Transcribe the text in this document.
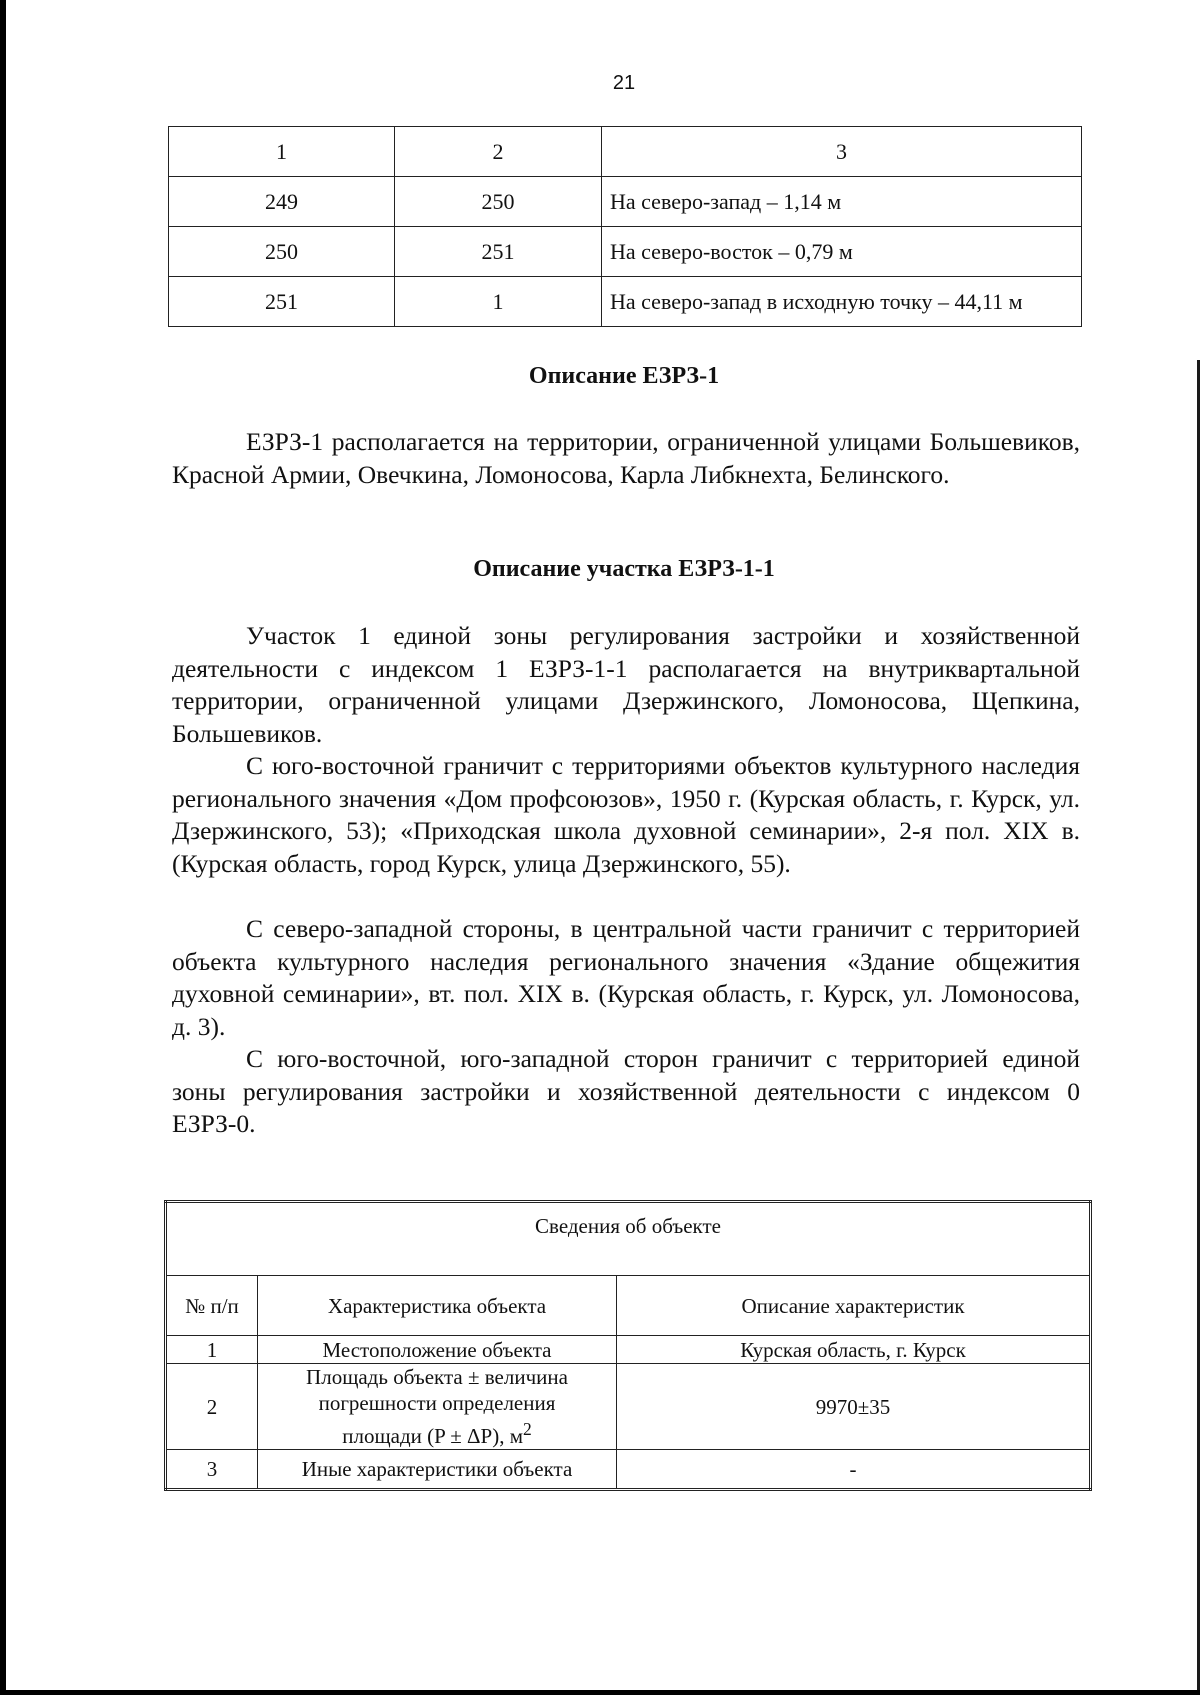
21
1	2	3
249	250	На северо-запад – 1,14 м
250	251	На северо-восток – 0,79 м
251	1	На северо-запад в исходную точку – 44,11 м
Описание ЕЗРЗ-1
ЕЗРЗ-1 располагается на территории, ограниченной улицами Большевиков, Красной Армии, Овечкина, Ломоносова, Карла Либкнехта, Белинского.
Описание участка ЕЗРЗ-1-1
Участок 1 единой зоны регулирования застройки и хозяйственной деятельности с индексом 1 ЕЗРЗ-1-1 располагается на внутриквартальной территории, ограниченной улицами Дзержинского, Ломоносова, Щепкина, Большевиков.
С юго-восточной граничит с территориями объектов культурного наследия регионального значения «Дом профсоюзов», 1950 г. (Курская область, г. Курск, ул. Дзержинского, 53); «Приходская школа духовной семинарии», 2-я пол. XIX в. (Курская область, город Курск, улица Дзержинского, 55).
С северо-западной стороны, в центральной части граничит с территорией объекта культурного наследия регионального значения «Здание общежития духовной семинарии», вт. пол. XIX в. (Курская область, г. Курск, ул. Ломоносова, д. 3).
С юго-восточной, юго-западной сторон граничит с территорией единой зоны регулирования застройки и хозяйственной деятельности с индексом 0 ЕЗРЗ-0.
Сведения об объекте		
№ п/п	Характеристика объекта	Описание характеристик
1	Местоположение объекта	Курская область, г. Курск
2	Площадь объекта ± величина
погрешности определения
площади (P ± ΔP), $м^2$	9970±35
3	Иные характеристики объекта	-
